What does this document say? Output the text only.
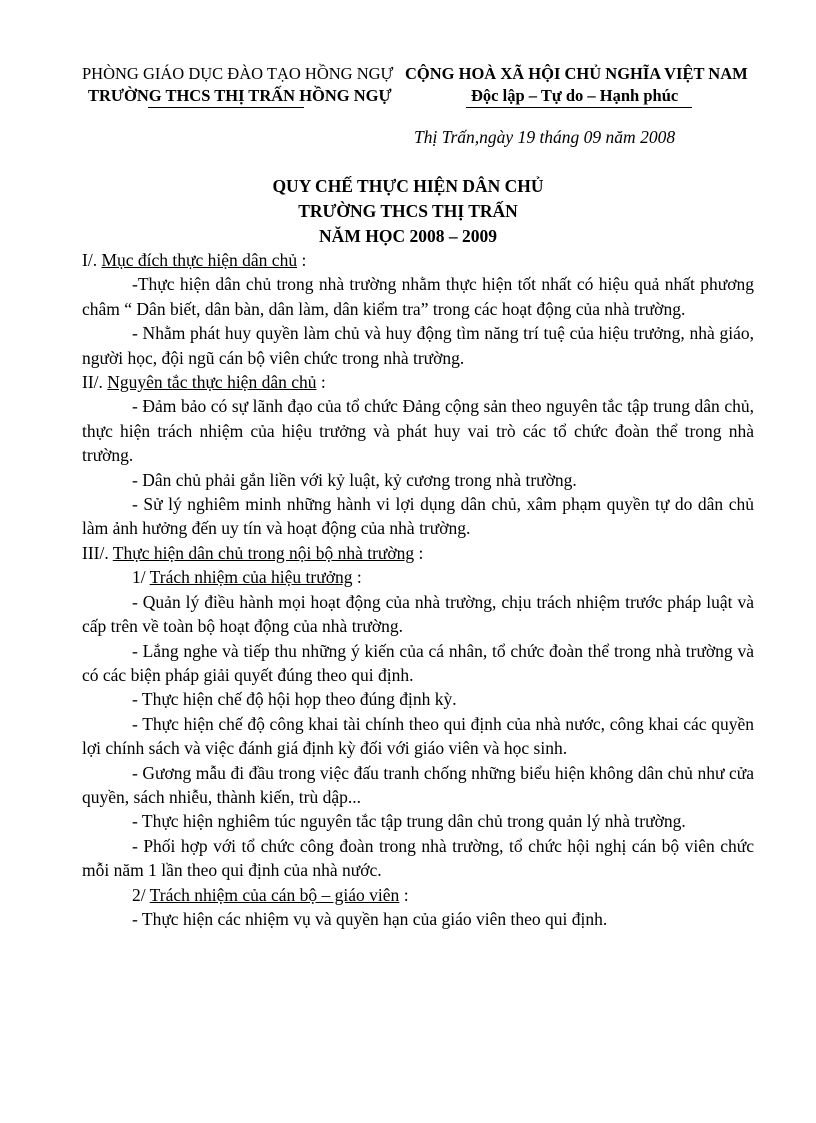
PHÒNG GIÁO DỤC ĐÀO TẠO HỒNG NGỰ
TRƯỜNG THCS THỊ TRẤN HỒNG NGỰ
CỘNG HOÀ XÃ HỘI CHỦ NGHĨA VIỆT NAM
Độc lập – Tự do – Hạnh phúc
Thị Trấn,ngày 19 tháng 09 năm 2008
QUY CHẾ THỰC HIỆN DÂN CHỦ
TRƯỜNG THCS THỊ TRẤN
NĂM HỌC 2008 – 2009

I/. Mục đích thực hiện dân chủ :

-Thực hiện dân chủ trong nhà trường nhằm thực hiện tốt nhất có hiệu quả nhất phương châm “ Dân biết, dân bàn, dân làm, dân kiểm tra” trong các hoạt động của nhà trường.

- Nhằm phát huy quyền làm chủ và huy động tìm năng trí tuệ của hiệu trưởng, nhà giáo, người học, đội ngũ cán bộ viên chức trong nhà trường.

II/. Nguyên tắc thực hiện dân chủ :

- Đảm bảo có sự lãnh đạo của tổ chức Đảng cộng sản theo nguyên tắc tập trung dân chủ, thực hiện trách nhiệm của hiệu trưởng và phát huy vai trò các tổ chức đoàn thể trong nhà trường.

- Dân chủ phải gắn liền với kỷ luật, kỷ cương trong nhà trường.

- Sử lý nghiêm minh những hành vi lợi dụng dân chủ, xâm phạm quyền tự do dân chủ làm ảnh hưởng đến uy tín và hoạt động của nhà trường.

III/. Thực hiện dân chủ trong nội bộ nhà trường :

1/ Trách nhiệm của hiệu trưởng :

- Quản lý điều hành mọi hoạt động của nhà trường, chịu trách nhiệm trước pháp luật và cấp trên về toàn bộ hoạt động của nhà trường.

- Lắng nghe và tiếp thu những ý kiến của cá nhân, tổ chức đoàn thể trong nhà trường và có các biện pháp giải quyết đúng theo qui định.

- Thực hiện chế độ hội họp theo đúng định kỳ.

- Thực hiện chế độ công khai tài chính theo qui định của nhà nước, công khai các quyền lợi chính sách và việc đánh giá định kỳ đối với giáo viên và học sinh.

- Gương mẫu đi đầu trong việc đấu tranh chống những biểu hiện không dân chủ như cửa quyền, sách nhiễu, thành kiến, trù dập...

- Thực hiện nghiêm túc nguyên tắc tập trung dân chủ trong quản lý nhà trường.

- Phối hợp với tổ chức công đoàn trong nhà trường, tổ chức hội nghị cán bộ viên chức mỗi năm 1 lần theo qui định của nhà nước.

2/ Trách nhiệm của cán bộ – giáo viên :

- Thực hiện các nhiệm vụ và quyền hạn của giáo viên theo qui định.
